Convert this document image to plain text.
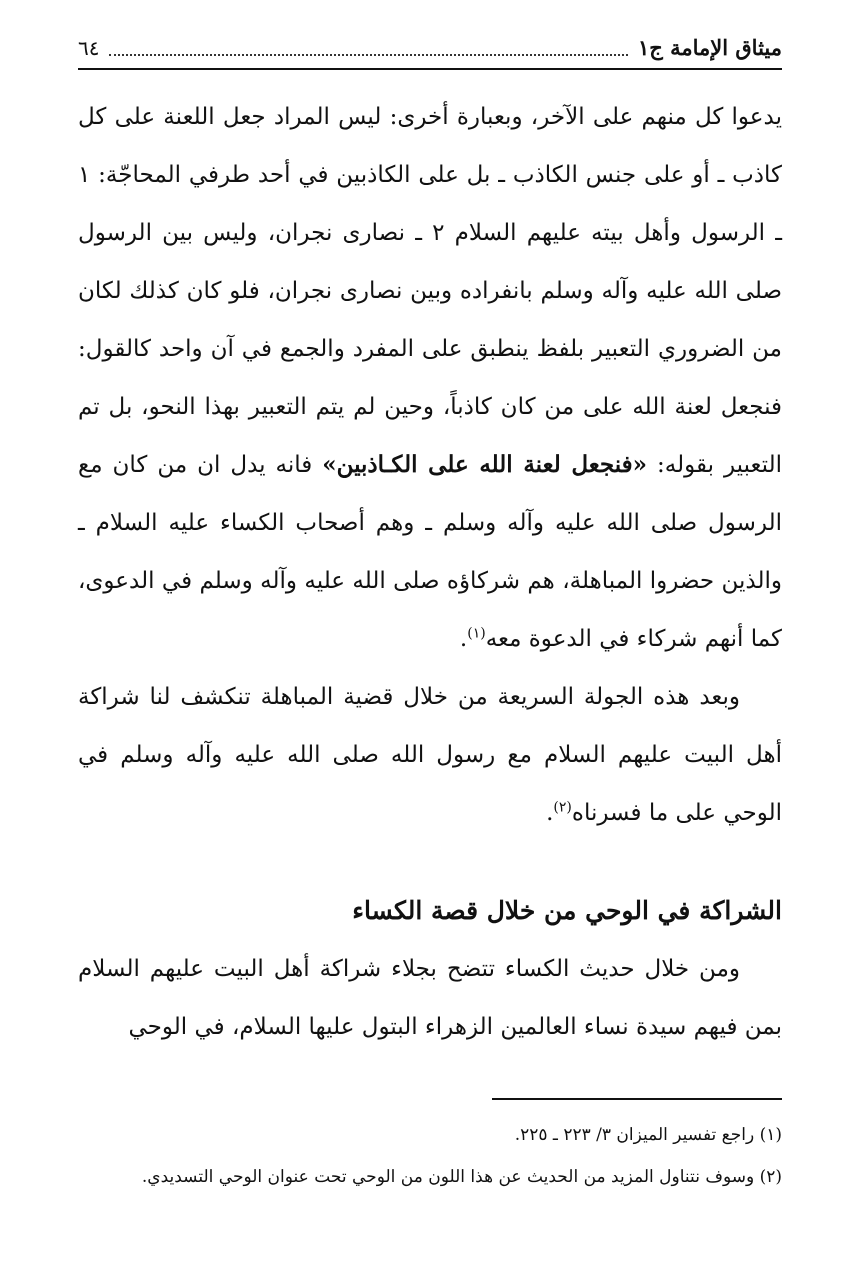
ميثاق الإمامة ج١
٦٤

يدعوا كل منهم على الآخر، وبعبارة أخرى: ليس المراد جعل اللعنة على كل كاذب ـ أو على جنس الكاذب ـ بل على الكاذبين في أحد طرفي المحاجّة: ١ ـ الرسول وأهل بيته عليهم السلام ٢ ـ نصارى نجران، وليس بين الرسول صلى الله عليه وآله وسلم بانفراده وبين نصارى نجران، فلو كان كذلك لكان من الضروري التعبير بلفظ ينطبق على المفرد والجمع في آن واحد كالقول: فنجعل لعنة الله على من كان كاذباً، وحين لم يتم التعبير بهذا النحو، بل تم التعبير بقوله: «فنجعل لعنة الله على الكـاذبين» فانه يدل ان من كان مع الرسول صلى الله عليه وآله وسلم ـ وهم أصحاب الكساء عليه السلام ـ والذين حضروا المباهلة، هم شركاؤه صلى الله عليه وآله وسلم في الدعوى، كما أنهم شركاء في الدعوة معه$^{(١)}$.

وبعد هذه الجولة السريعة من خلال قضية المباهلة تنكشف لنا شراكة أهل البيت عليهم السلام مع رسول الله صلى الله عليه وآله وسلم في الوحي على ما فسرناه$^{(٢)}$.

الشراكة في الوحي من خلال قصة الكساء

ومن خلال حديث الكساء تتضح بجلاء شراكة أهل البيت عليهم السلام بمن فيهم سيدة نساء العالمين الزهراء البتول عليها السلام، في الوحي

(١) راجع تفسير الميزان ٣/ ٢٢٣ ـ ٢٢٥.

(٢) وسوف نتناول المزيد من الحديث عن هذا اللون من الوحي تحت عنوان الوحي التسديدي.
